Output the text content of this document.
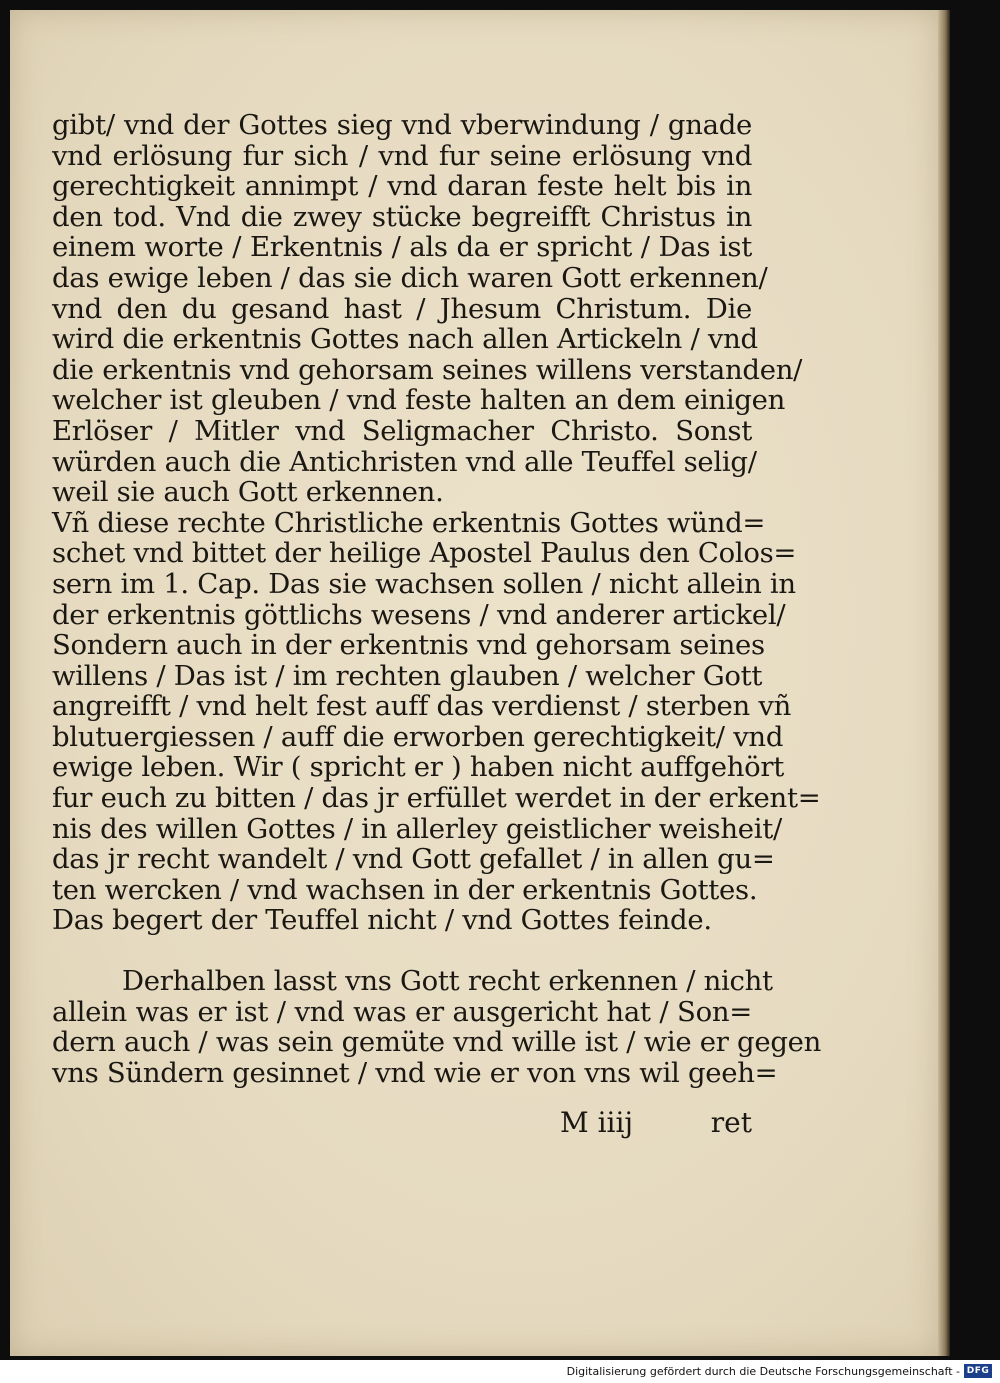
gibt/ vnd der Gottes sieg vnd vberwindung / gnade
vnd erlösung fur sich / vnd fur seine erlösung vnd
gerechtigkeit annimpt / vnd daran feste helt bis in
den tod. Vnd die zwey stücke begreifft Christus in
einem worte / Erkentnis / als da er spricht / Das ist
das ewige leben / das sie dich waren Gott erkennen/
vnd den du gesand hast / Jhesum Christum. Die
wird die erkentnis Gottes nach allen Artickeln / vnd
die erkentnis vnd gehorsam seines willens verstanden/
welcher ist gleuben / vnd feste halten an dem einigen
Erlöser / Mitler vnd Seligmacher Christo. Sonst
würden auch die Antichristen vnd alle Teuffel selig/
weil sie auch Gott erkennen.
Vñ diese rechte Christliche erkentnis Gottes wünd=
schet vnd bittet der heilige Apostel Paulus den Colos=
sern im 1. Cap. Das sie wachsen sollen / nicht allein in
der erkentnis göttlichs wesens / vnd anderer artickel/
Sondern auch in der erkentnis vnd gehorsam seines
willens / Das ist / im rechten glauben / welcher Gott
angreifft / vnd helt fest auff das verdienst / sterben vñ
blutuergiessen / auff die erworben gerechtigkeit/ vnd
ewige leben. Wir ( spricht er ) haben nicht auffgehört
fur euch zu bitten / das jr erfüllet werdet in der erkent=
nis des willen Gottes / in allerley geistlicher weisheit/
das jr recht wandelt / vnd Gott gefallet / in allen gu=
ten wercken / vnd wachsen in der erkentnis Gottes.
Das begert der Teuffel nicht / vnd Gottes feinde.
Derhalben lasst vns Gott recht erkennen / nicht
allein was er ist / vnd was er ausgericht hat / Son=
dern auch / was sein gemüte vnd wille ist / wie er gegen
vns Sündern gesinnet / vnd wie er von vns wil geeh=
M iiij	ret
Digitalisierung gefördert durch die Deutsche Forschungsgemeinschaft - DFG
